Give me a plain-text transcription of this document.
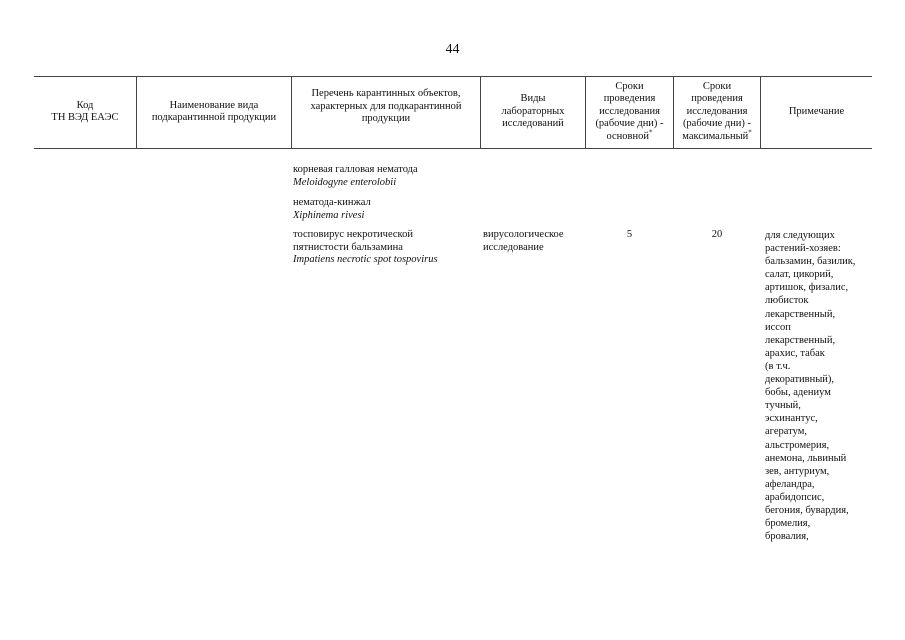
44
Код
ТН ВЭД ЕАЭС
Наименование вида
подкарантинной продукции
Перечень карантинных объектов,
характерных для подкарантинной
продукции
Виды
лабораторных
исследований
Сроки
проведения
исследования
(рабочие дни) -
основной*
Сроки
проведения
исследования
(рабочие дни) -
максимальный*
Примечание
корневая галловая нематода
Meloidogyne enterolobii
нематода-кинжал
Xiphinema rivesi
тосповирус некротической
пятнистости бальзамина
Impatiens necrotic spot tospovirus
вирусологическое
исследование
5	20	для следующих
растений-хозяев:
бальзамин, базилик,
салат, цикорий,
артишок, физалис,
любисток
лекарственный,
иссоп
лекарственный,
арахис, табак
(в т.ч.
декоративный),
бобы, адениум
тучный,
эсхинантус,
агератум,
альстромерия,
анемона, львиный
зев, антуриум,
афеландра,
арабидопсис,
бегония, бувардия,
бромелия,
бровалия,
